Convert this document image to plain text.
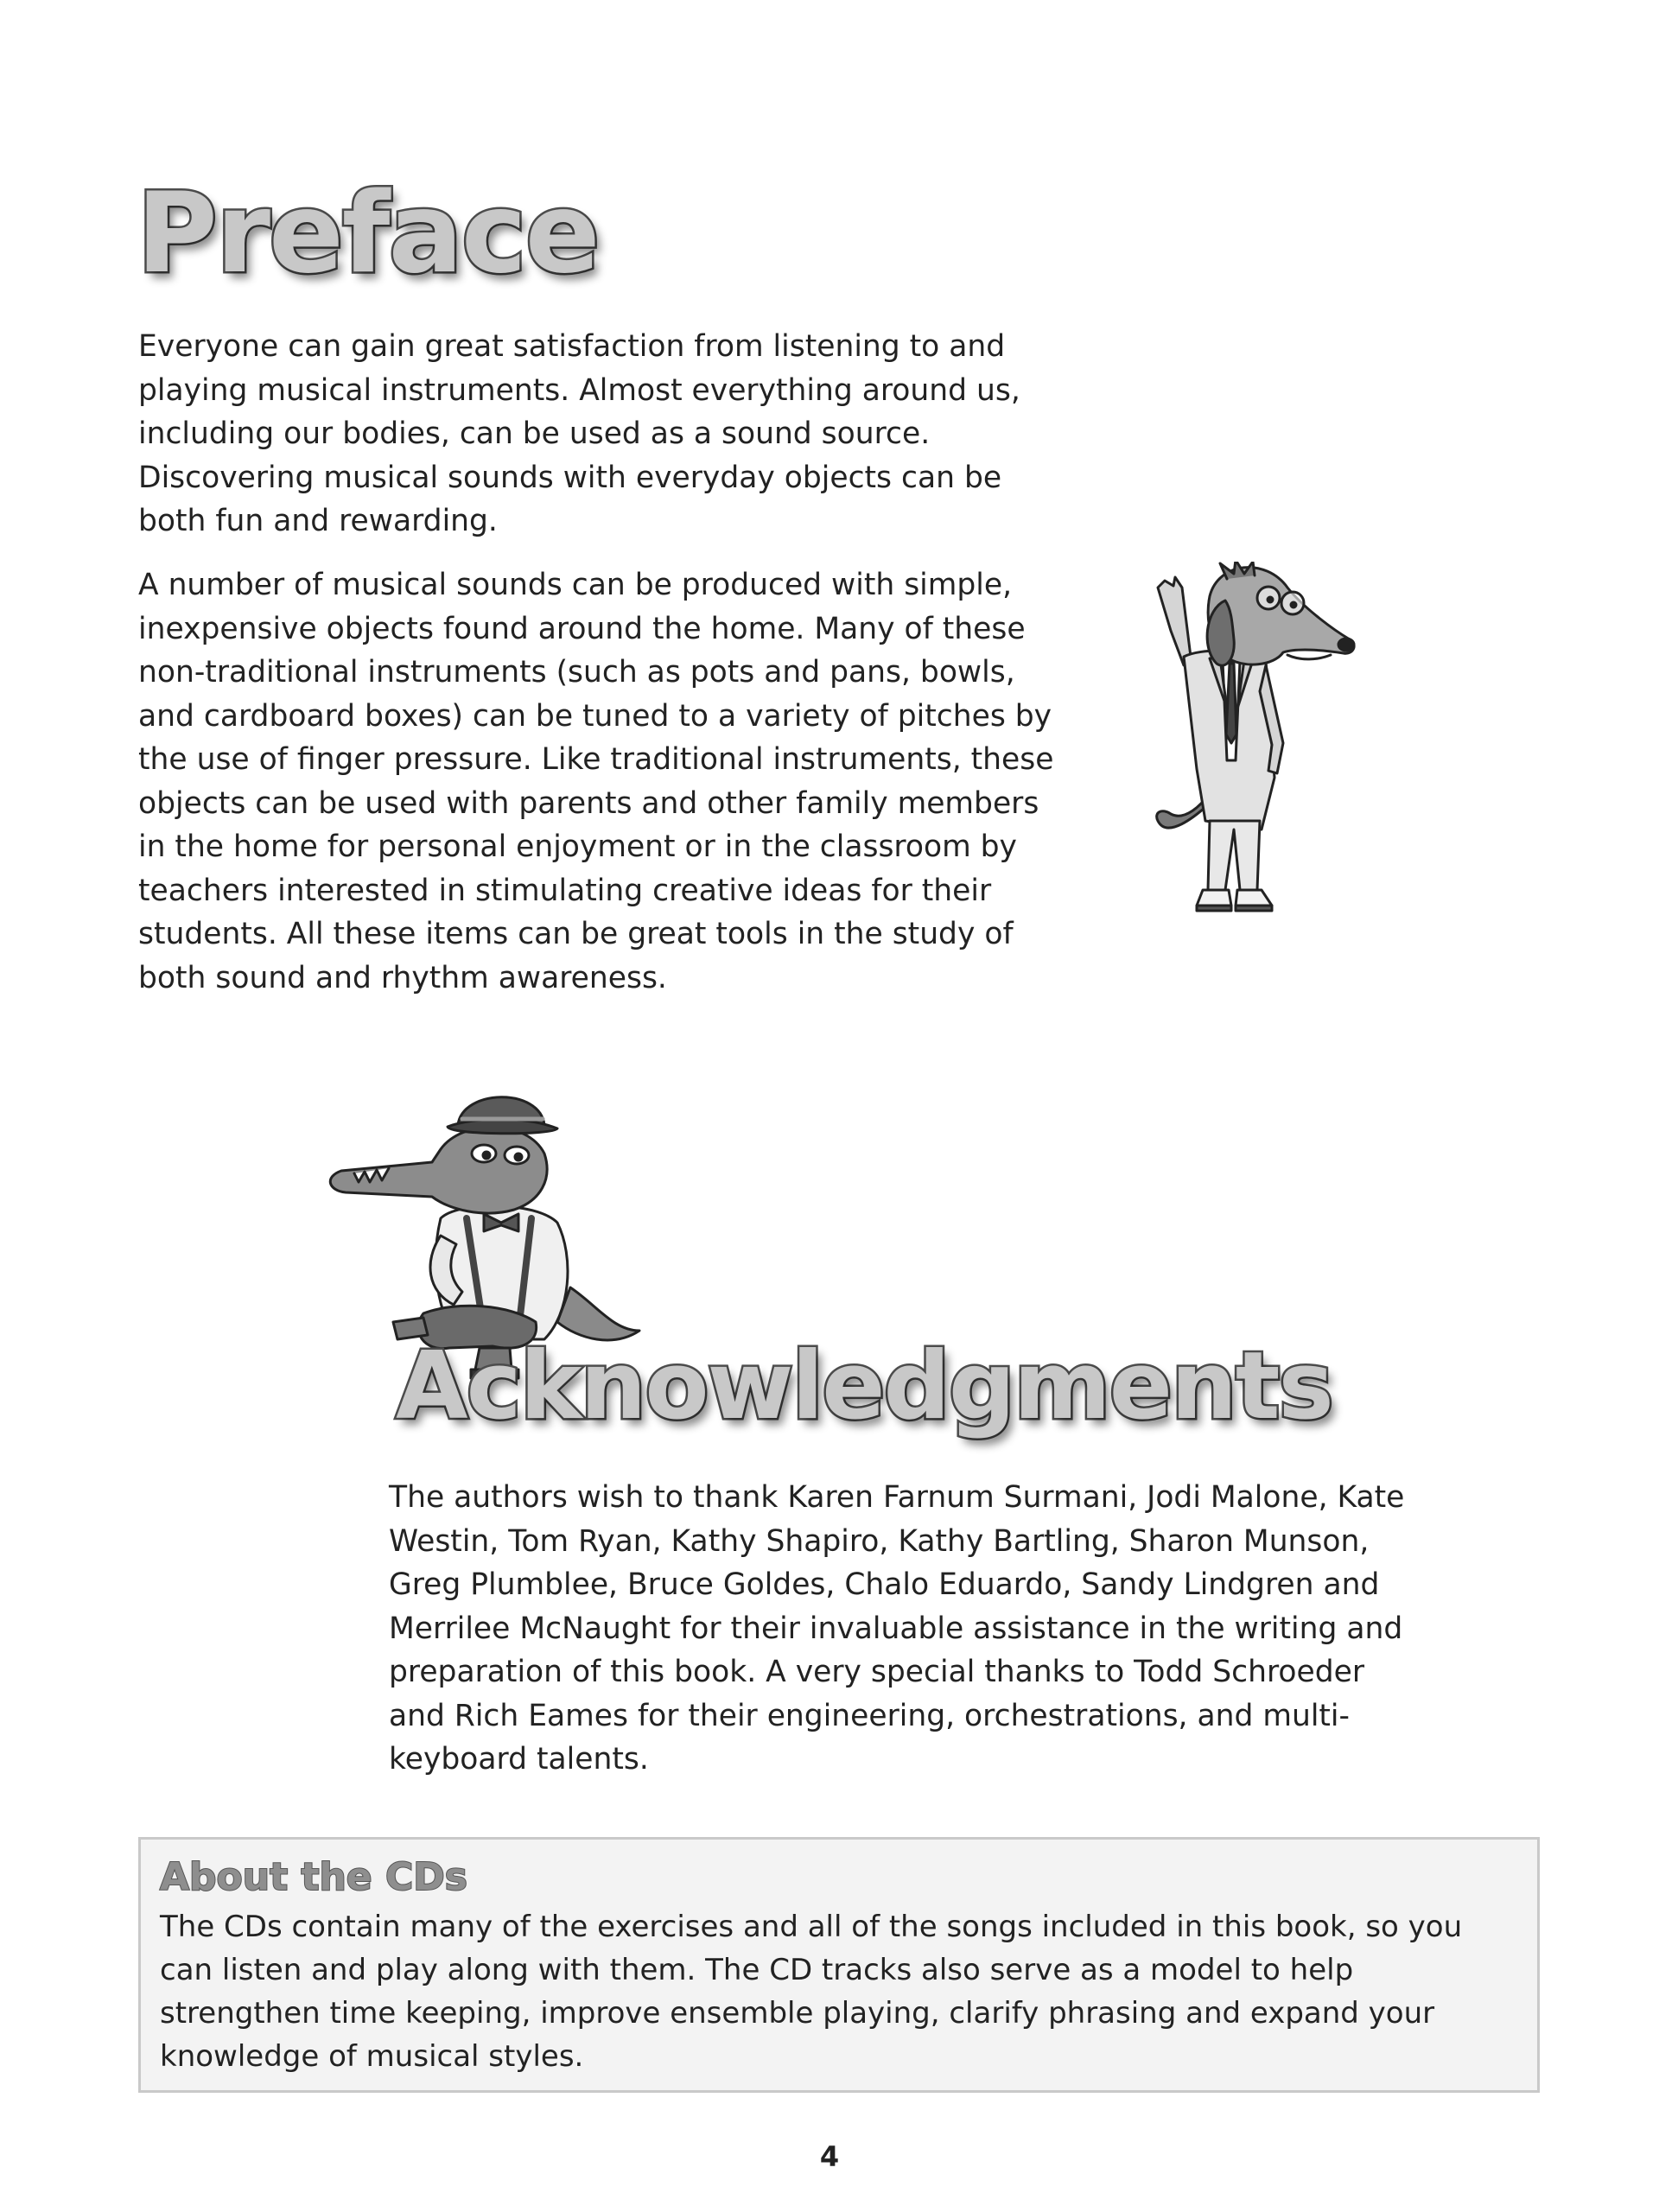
Preface

Everyone can gain great satisfaction from listening to and playing musical instruments. Almost everything around us, including our bodies, can be used as a sound source. Discovering musical sounds with everyday objects can be both fun and rewarding.

A number of musical sounds can be produced with simple, inexpensive objects found around the home. Many of these non-traditional instruments (such as pots and pans, bowls, and cardboard boxes) can be tuned to a variety of pitches by the use of finger pressure. Like traditional instruments, these objects can be used with parents and other family members in the home for personal enjoyment or in the classroom by teachers interested in stimulating creative ideas for their students. All these items can be great tools in the study of both sound and rhythm awareness.

Acknowledgments

The authors wish to thank Karen Farnum Surmani, Jodi Malone, Kate Westin, Tom Ryan, Kathy Shapiro, Kathy Bartling, Sharon Munson, Greg Plumblee, Bruce Goldes, Chalo Eduardo, Sandy Lindgren and Merrilee McNaught for their invaluable assistance in the writing and preparation of this book. A very special thanks to Todd Schroeder and Rich Eames for their engineering, orchestrations, and multi-keyboard talents.

About the CDs

The CDs contain many of the exercises and all of the songs included in this book, so you can listen and play along with them. The CD tracks also serve as a model to help strengthen time keeping, improve ensemble playing, clarify phrasing and expand your knowledge of musical styles.

4
